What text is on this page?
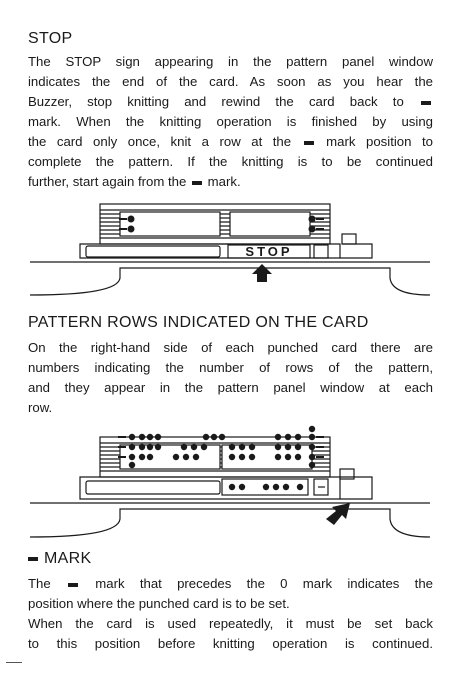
STOP
The STOP sign appearing in the pattern panel window
indicates the end of the card. As soon as you hear the
Buzzer, stop knitting and rewind the card back to
mark. When the knitting operation is finished by using
the card only once, knit a row at the	mark position to
complete the pattern. If the knitting is to be continued
further, start again from the mark.
STOP
PATTERN ROWS INDICATED ON THE CARD
On the right-hand side of each punched card there are
numbers indicating the number of rows of the pattern,
and they appear in the pattern panel window at each
row.
MARK
The	mark that precedes the 0 mark indicates the
position where the punched card is to be set.
When the card is used repeatedly, it must be set back
to this position before knitting operation is continued.
